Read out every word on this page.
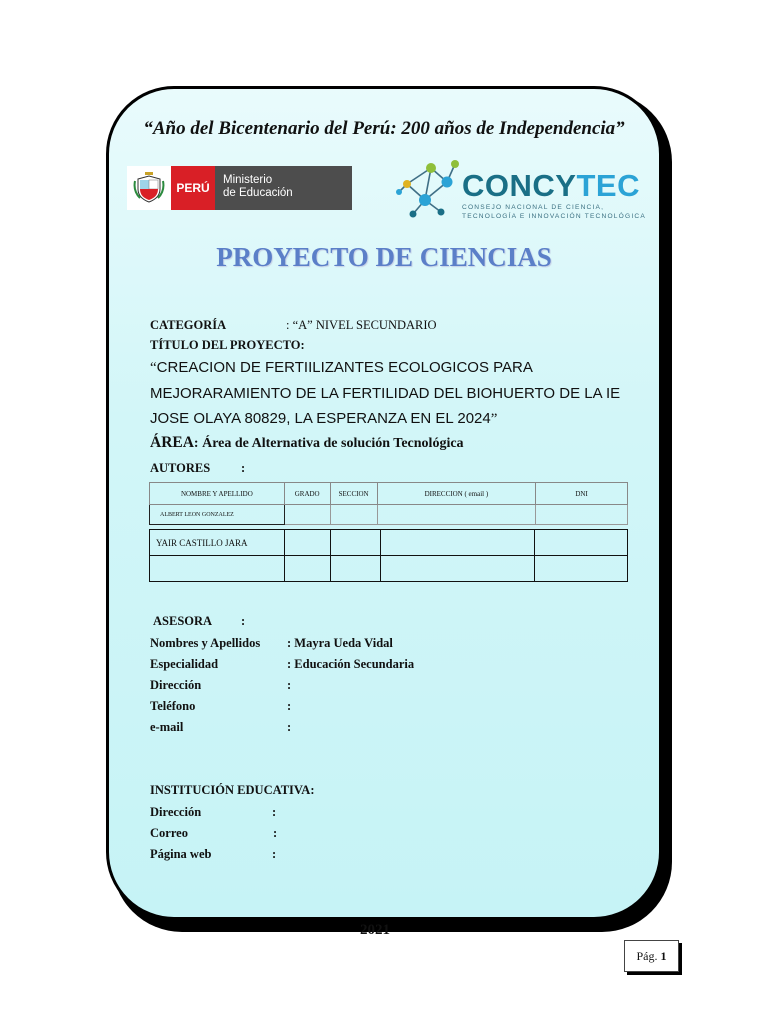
“Año del Bicentenario del Perú: 200 años de Independencia”
PERÚ
Ministerio
de Educación	CONCYTEC
CONSEJO NACIONAL DE CIENCIA,
TECNOLOGÍA E INNOVACIÓN TECNOLÓGICA
PROYECTO DE CIENCIAS
CATEGORÍA	: “A” NIVEL SECUNDARIO
TÍTULO DEL PROYECTO:
“CREACION DE FERTIILIZANTES ECOLOGICOS PARA MEJORARAMIENTO DE LA FERTILIDAD DEL BIOHUERTO DE LA IE JOSE OLAYA 80829, LA ESPERANZA EN EL 2024”
ÁREA: Área de Alternativa de solución Tecnológica
AUTORES :
NOMBRE Y APELLIDO	GRADO	SECCION	DIRECCION ( email )	DNI
ALBERT LEON GONZALEZ				
YAIR CASTILLO JARA				

ASESORA :
Nombres y Apellidos : Mayra Ueda Vidal
Especialidad	: Educación Secundaria
Dirección	:
Teléfono	:
e-mail	:
INSTITUCIÓN EDUCATIVA:
Dirección	:
Correo	:
Página web	:
2021
Pág. 1
